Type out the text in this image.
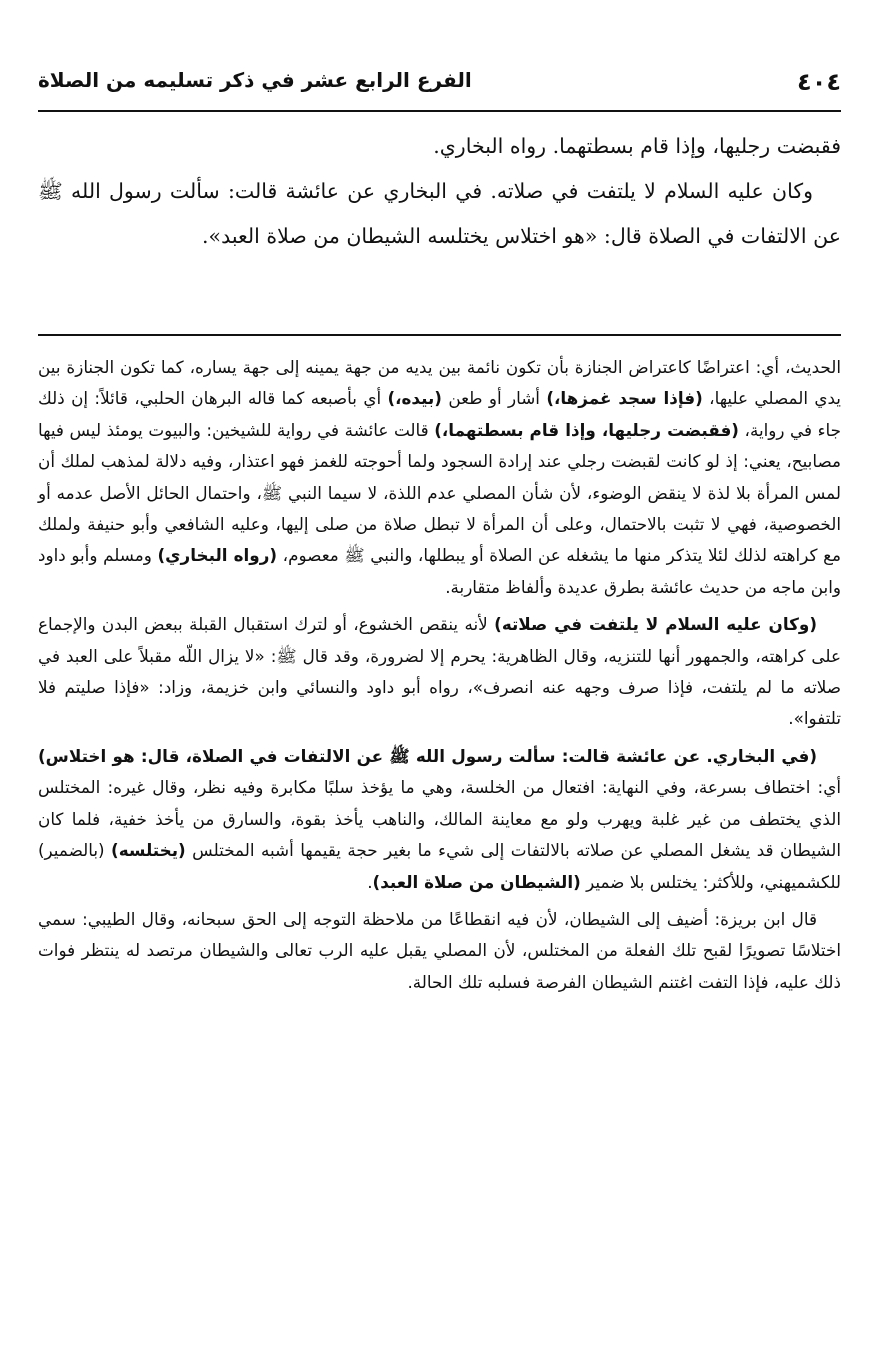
٤٠٤
الفرع الرابع عشر في ذكر تسليمه من الصلاة

فقبضت رجليها، وإذا قام بسطتهما. رواه البخاري.

وكان عليه السلام لا يلتفت في صلاته. في البخاري عن عائشة قالت: سألت رسول الله ﷺ عن الالتفات في الصلاة قال: «هو اختلاس يختلسه الشيطان من صلاة العبد».

الحديث، أي: اعتراضًا كاعتراض الجنازة بأن تكون نائمة بين يديه من جهة يمينه إلى جهة يساره، كما تكون الجنازة بين يدي المصلي عليها، (فإذا سجد غمزها،) أشار أو طعن (بيده،) أي بأصبعه كما قاله البرهان الحلبي، قائلاً: إن ذلك جاء في رواية، (فقبضت رجليها، وإذا قام بسطتهما،) قالت عائشة في رواية للشيخين: والبيوت يومئذ ليس فيها مصابيح، يعني: إذ لو كانت لقبضت رجلي عند إرادة السجود ولما أحوجته للغمز فهو اعتذار، وفيه دلالة لمذهب لملك أن لمس المرأة بلا لذة لا ينقض الوضوء، لأن شأن المصلي عدم اللذة، لا سيما النبي ﷺ، واحتمال الحائل الأصل عدمه أو الخصوصية، فهي لا تثبت بالاحتمال، وعلى أن المرأة لا تبطل صلاة من صلى إليها، وعليه الشافعي وأبو حنيفة ولملك مع كراهته لذلك لئلا يتذكر منها ما يشغله عن الصلاة أو يبطلها، والنبي ﷺ معصوم، (رواه البخاري) ومسلم وأبو داود وابن ماجه من حديث عائشة بطرق عديدة وألفاظ متقاربة.

(وكان عليه السلام لا يلتفت في صلاته) لأنه ينقص الخشوع، أو لترك استقبال القبلة ببعض البدن والإجماع على كراهته، والجمهور أنها للتنزيه، وقال الظاهرية: يحرم إلا لضرورة، وقد قال ﷺ: «لا يزال اللّه مقبلاً على العبد في صلاته ما لم يلتفت، فإذا صرف وجهه عنه انصرف»، رواه أبو داود والنسائي وابن خزيمة، وزاد: «فإذا صليتم فلا تلتفوا».

(في البخاري. عن عائشة قالت: سألت رسول الله ﷺ عن الالتفات في الصلاة، قال: هو اختلاس) أي: اختطاف بسرعة، وفي النهاية: افتعال من الخلسة، وهي ما يؤخذ سلبًا مكابرة وفيه نظر، وقال غيره: المختلس الذي يختطف من غير غلبة ويهرب ولو مع معاينة المالك، والناهب يأخذ بقوة، والسارق من يأخذ خفية، فلما كان الشيطان قد يشغل المصلي عن صلاته بالالتفات إلى شيء ما بغير حجة يقيمها أشبه المختلس (يختلسه) (بالضمير) للكشميهني، وللأكثر: يختلس بلا ضمير (الشيطان من صلاة العبد).

قال ابن بريزة: أضيف إلى الشيطان، لأن فيه انقطاعًا من ملاحظة التوجه إلى الحق سبحانه، وقال الطيبي: سمي اختلاسًا تصويرًا لقبح تلك الفعلة من المختلس، لأن المصلي يقبل عليه الرب تعالى والشيطان مرتصد له ينتظر فوات ذلك عليه، فإذا التفت اغتنم الشيطان الفرصة فسلبه تلك الحالة.
